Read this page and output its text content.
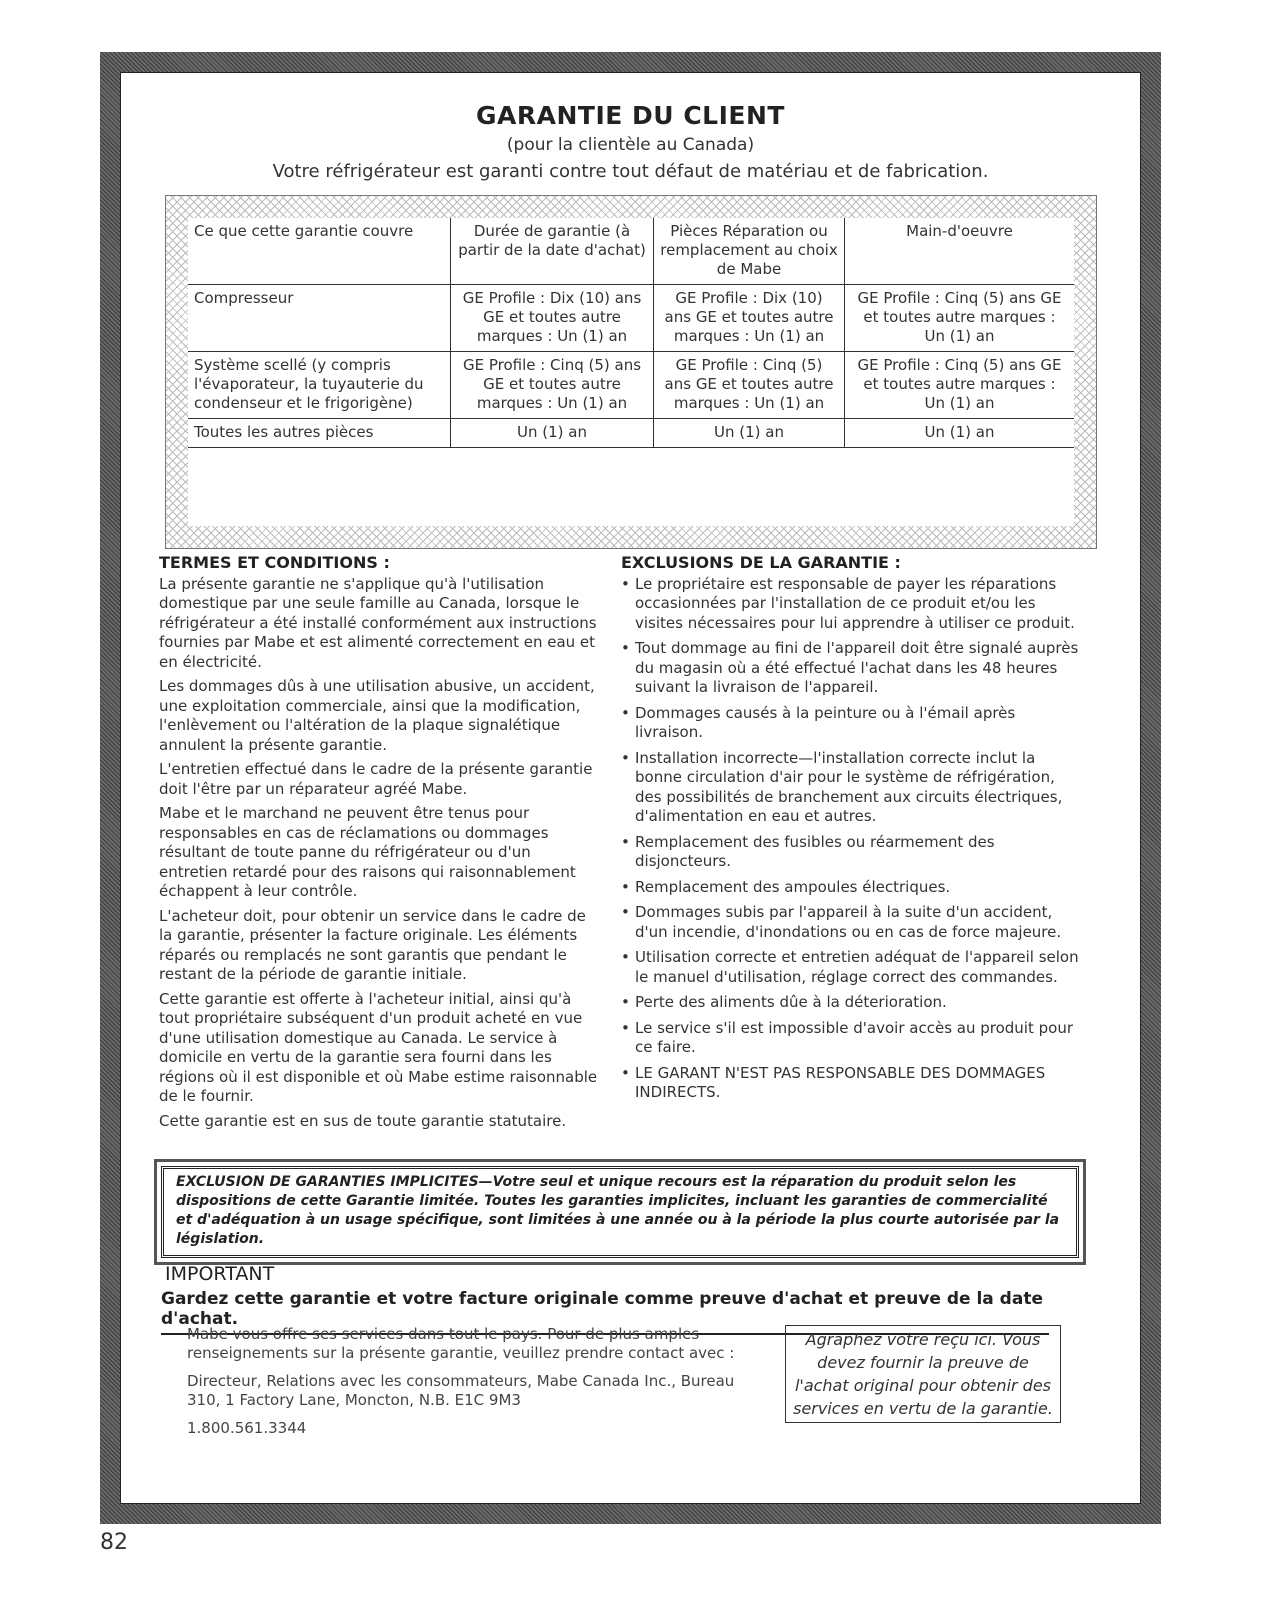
GARANTIE DU CLIENT
(pour la clientèle au Canada)
Votre réfrigérateur est garanti contre tout défaut de matériau et de fabrication.
Ce que cette garantie couvre	Durée de garantie (à partir de la date d'achat)	Pièces Réparation ou remplacement au choix de Mabe	Main-d'oeuvre
Compresseur	GE Profile : Dix (10) ans GE et toutes autre marques : Un (1) an	GE Profile : Dix (10) ans GE et toutes autre marques : Un (1) an	GE Profile : Cinq (5) ans GE et toutes autre marques : Un (1) an
Système scellé (y compris l'évaporateur, la tuyauterie du condenseur et le frigorigène)	GE Profile : Cinq (5) ans GE et toutes autre marques : Un (1) an	GE Profile : Cinq (5) ans GE et toutes autre marques : Un (1) an	GE Profile : Cinq (5) ans GE et toutes autre marques : Un (1) an
Toutes les autres pièces	Un (1) an	Un (1) an	Un (1) an
TERMES ET CONDITIONS :

La présente garantie ne s'applique qu'à l'utilisation domestique par une seule famille au Canada, lorsque le réfrigérateur a été installé conformément aux instructions fournies par Mabe et est alimenté correctement en eau et en électricité.

Les dommages dûs à une utilisation abusive, un accident, une exploitation commerciale, ainsi que la modification, l'enlèvement ou l'altération de la plaque signalétique annulent la présente garantie.

L'entretien effectué dans le cadre de la présente garantie doit l'être par un réparateur agréé Mabe.

Mabe et le marchand ne peuvent être tenus pour responsables en cas de réclamations ou dommages résultant de toute panne du réfrigérateur ou d'un entretien retardé pour des raisons qui raisonnablement échappent à leur contrôle.

L'acheteur doit, pour obtenir un service dans le cadre de la garantie, présenter la facture originale. Les éléments réparés ou remplacés ne sont garantis que pendant le restant de la période de garantie initiale.

Cette garantie est offerte à l'acheteur initial, ainsi qu'à tout propriétaire subséquent d'un produit acheté en vue d'une utilisation domestique au Canada. Le service à domicile en vertu de la garantie sera fourni dans les régions où il est disponible et où Mabe estime raisonnable de le fournir.

Cette garantie est en sus de toute garantie statutaire.

EXCLUSIONS DE LA GARANTIE :
• Le propriétaire est responsable de payer les réparations occasionnées par l'installation de ce produit et/ou les visites nécessaires pour lui apprendre à utiliser ce produit.
• Tout dommage au fini de l'appareil doit être signalé auprès du magasin où a été effectué l'achat dans les 48 heures suivant la livraison de l'appareil.
• Dommages causés à la peinture ou à l'émail après livraison.
• Installation incorrecte—l'installation correcte inclut la bonne circulation d'air pour le système de réfrigération, des possibilités de branchement aux circuits électriques, d'alimentation en eau et autres.
• Remplacement des fusibles ou réarmement des disjoncteurs.
• Remplacement des ampoules électriques.
• Dommages subis par l'appareil à la suite d'un accident, d'un incendie, d'inondations ou en cas de force majeure.
• Utilisation correcte et entretien adéquat de l'appareil selon le manuel d'utilisation, réglage correct des commandes.
• Perte des aliments dûe à la déterioration.
• Le service s'il est impossible d'avoir accès au produit pour ce faire.
• LE GARANT N'EST PAS RESPONSABLE DES DOMMAGES INDIRECTS.
EXCLUSION DE GARANTIES IMPLICITES—Votre seul et unique recours est la réparation du produit selon les dispositions de cette Garantie limitée. Toutes les garanties implicites, incluant les garanties de commercialité et d'adéquation à un usage spécifique, sont limitées à une année ou à la période la plus courte autorisée par la législation.
IMPORTANT
Gardez cette garantie et votre facture originale comme preuve d'achat et preuve de la date d'achat.

Mabe vous offre ses services dans tout le pays. Pour de plus amples renseignements sur la présente garantie, veuillez prendre contact avec :

Directeur, Relations avec les consommateurs, Mabe Canada Inc., Bureau 310, 1 Factory Lane, Moncton, N.B. E1C 9M3

1.800.561.3344

Agraphez votre reçu ici. Vous devez fournir la preuve de l'achat original pour obtenir des services en vertu de la garantie.
82
